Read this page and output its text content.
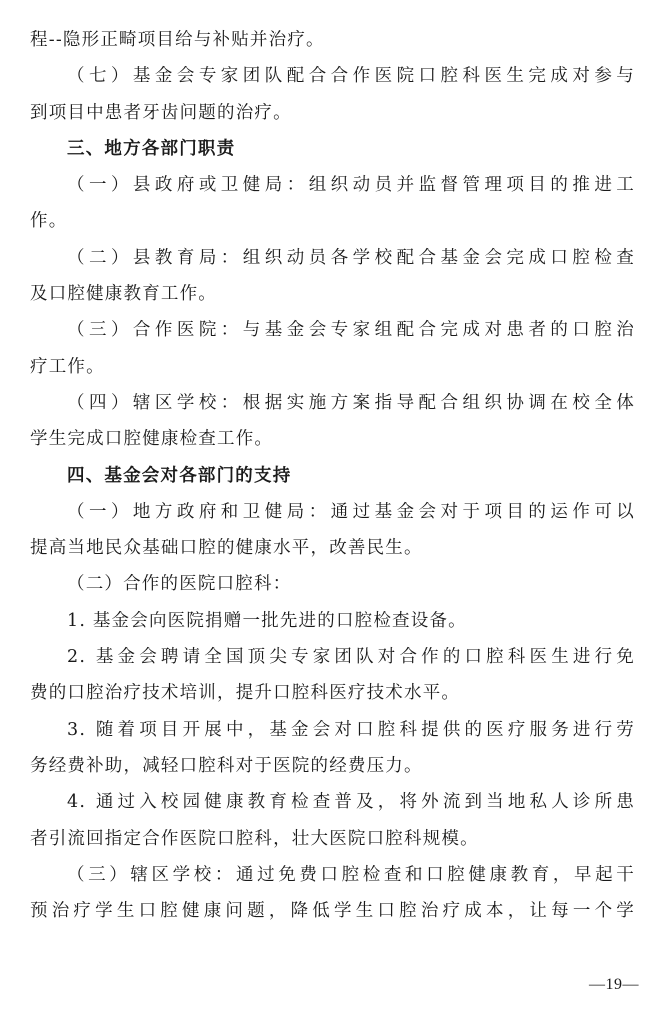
程--隐形正畸项目给与补贴并治疗。
（七）基金会专家团队配合合作医院口腔科医生完成对参与
到项目中患者牙齿问题的治疗。
三、地方各部门职责
（一）县政府或卫健局：组织动员并监督管理项目的推进工
作。
（二）县教育局：组织动员各学校配合基金会完成口腔检查
及口腔健康教育工作。
（三）合作医院：与基金会专家组配合完成对患者的口腔治
疗工作。
（四）辖区学校：根据实施方案指导配合组织协调在校全体
学生完成口腔健康检查工作。
四、基金会对各部门的支持
（一）地方政府和卫健局：通过基金会对于项目的运作可以
提高当地民众基础口腔的健康水平，改善民生。
（二）合作的医院口腔科：
1. 基金会向医院捐赠一批先进的口腔检查设备。
2. 基金会聘请全国顶尖专家团队对合作的口腔科医生进行免
费的口腔治疗技术培训，提升口腔科医疗技术水平。
3. 随着项目开展中，基金会对口腔科提供的医疗服务进行劳
务经费补助，减轻口腔科对于医院的经费压力。
4. 通过入校园健康教育检查普及，将外流到当地私人诊所患
者引流回指定合作医院口腔科，壮大医院口腔科规模。
（三）辖区学校：通过免费口腔检查和口腔健康教育，早起干
预治疗学生口腔健康问题，降低学生口腔治疗成本，让每一个学
—19—
